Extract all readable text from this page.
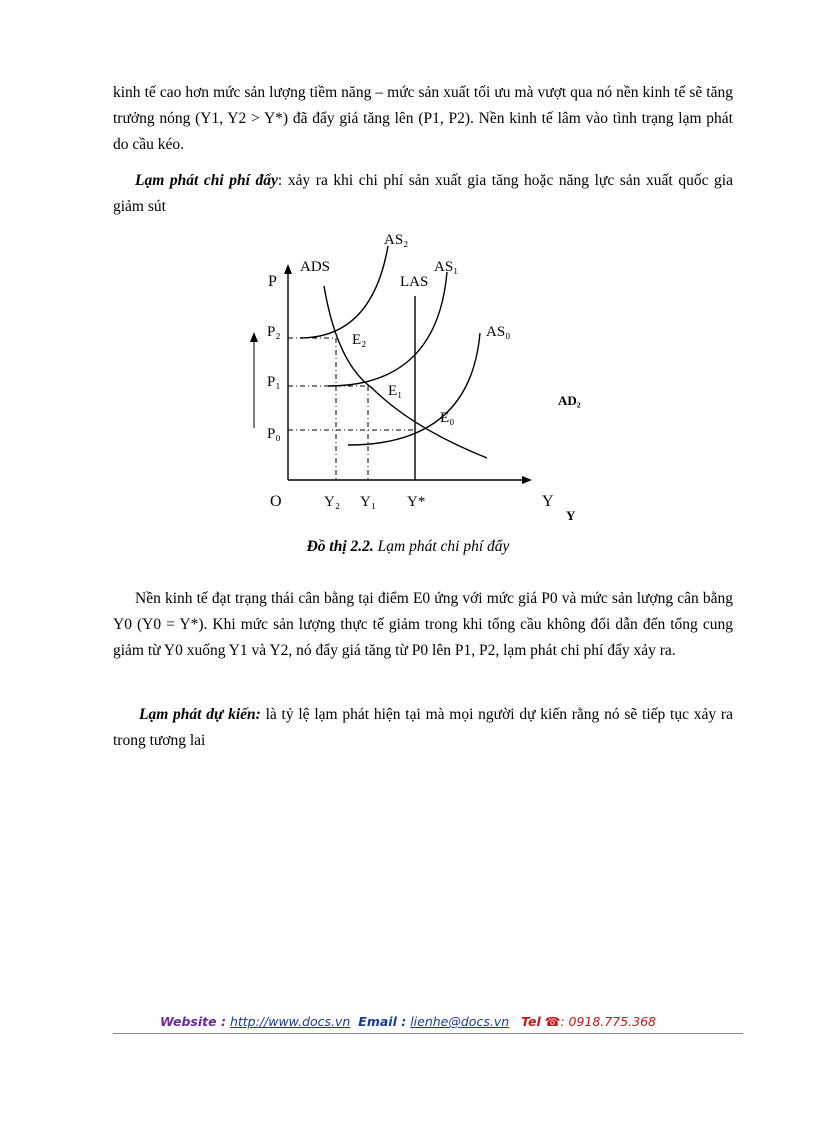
kinh tế cao hơn mức sản lượng tiềm năng – mức sản xuất tối ưu mà vượt qua nó nền kinh tế sẽ tăng trưởng nóng (Y1, Y2 > Y*) đã đẩy giá tăng lên (P1, P2). Nền kinh tế lâm vào tình trạng lạm phát do cầu kéo.

Lạm phát chi phí đẩy: xảy ra khi chi phí sản xuất gia tăng hoặc năng lực sản xuất quốc gia giảm sút

P
ADS
AS₂
AS₁
LAS
AS₀
AD₂
P₂
P₁
P₀
E₂
E₁
E₀
O	Y₂ Y₁ Y*	Y
Y
Đồ thị 2.2. Lạm phát chi phí đẩy

Nền kinh tế đạt trạng thái cân bằng tại điểm E0 ứng với mức giá P0 và mức sản lượng cân bằng Y0 (Y0 = Y*). Khi mức sản lượng thực tế giảm trong khi tổng cầu không đổi dẫn đến tổng cung giảm từ Y0 xuống Y1 và Y2, nó đẩy giá tăng từ P0 lên P1, P2, lạm phát chi phí đẩy xảy ra.

Lạm phát dự kiến: là tỷ lệ lạm phát hiện tại mà mọi người dự kiến rằng nó sẽ tiếp tục xảy ra trong tương lai

Website : http://www.docs.vn Email : lienhe@docs.vn Tel ☎: 0918.775.368
